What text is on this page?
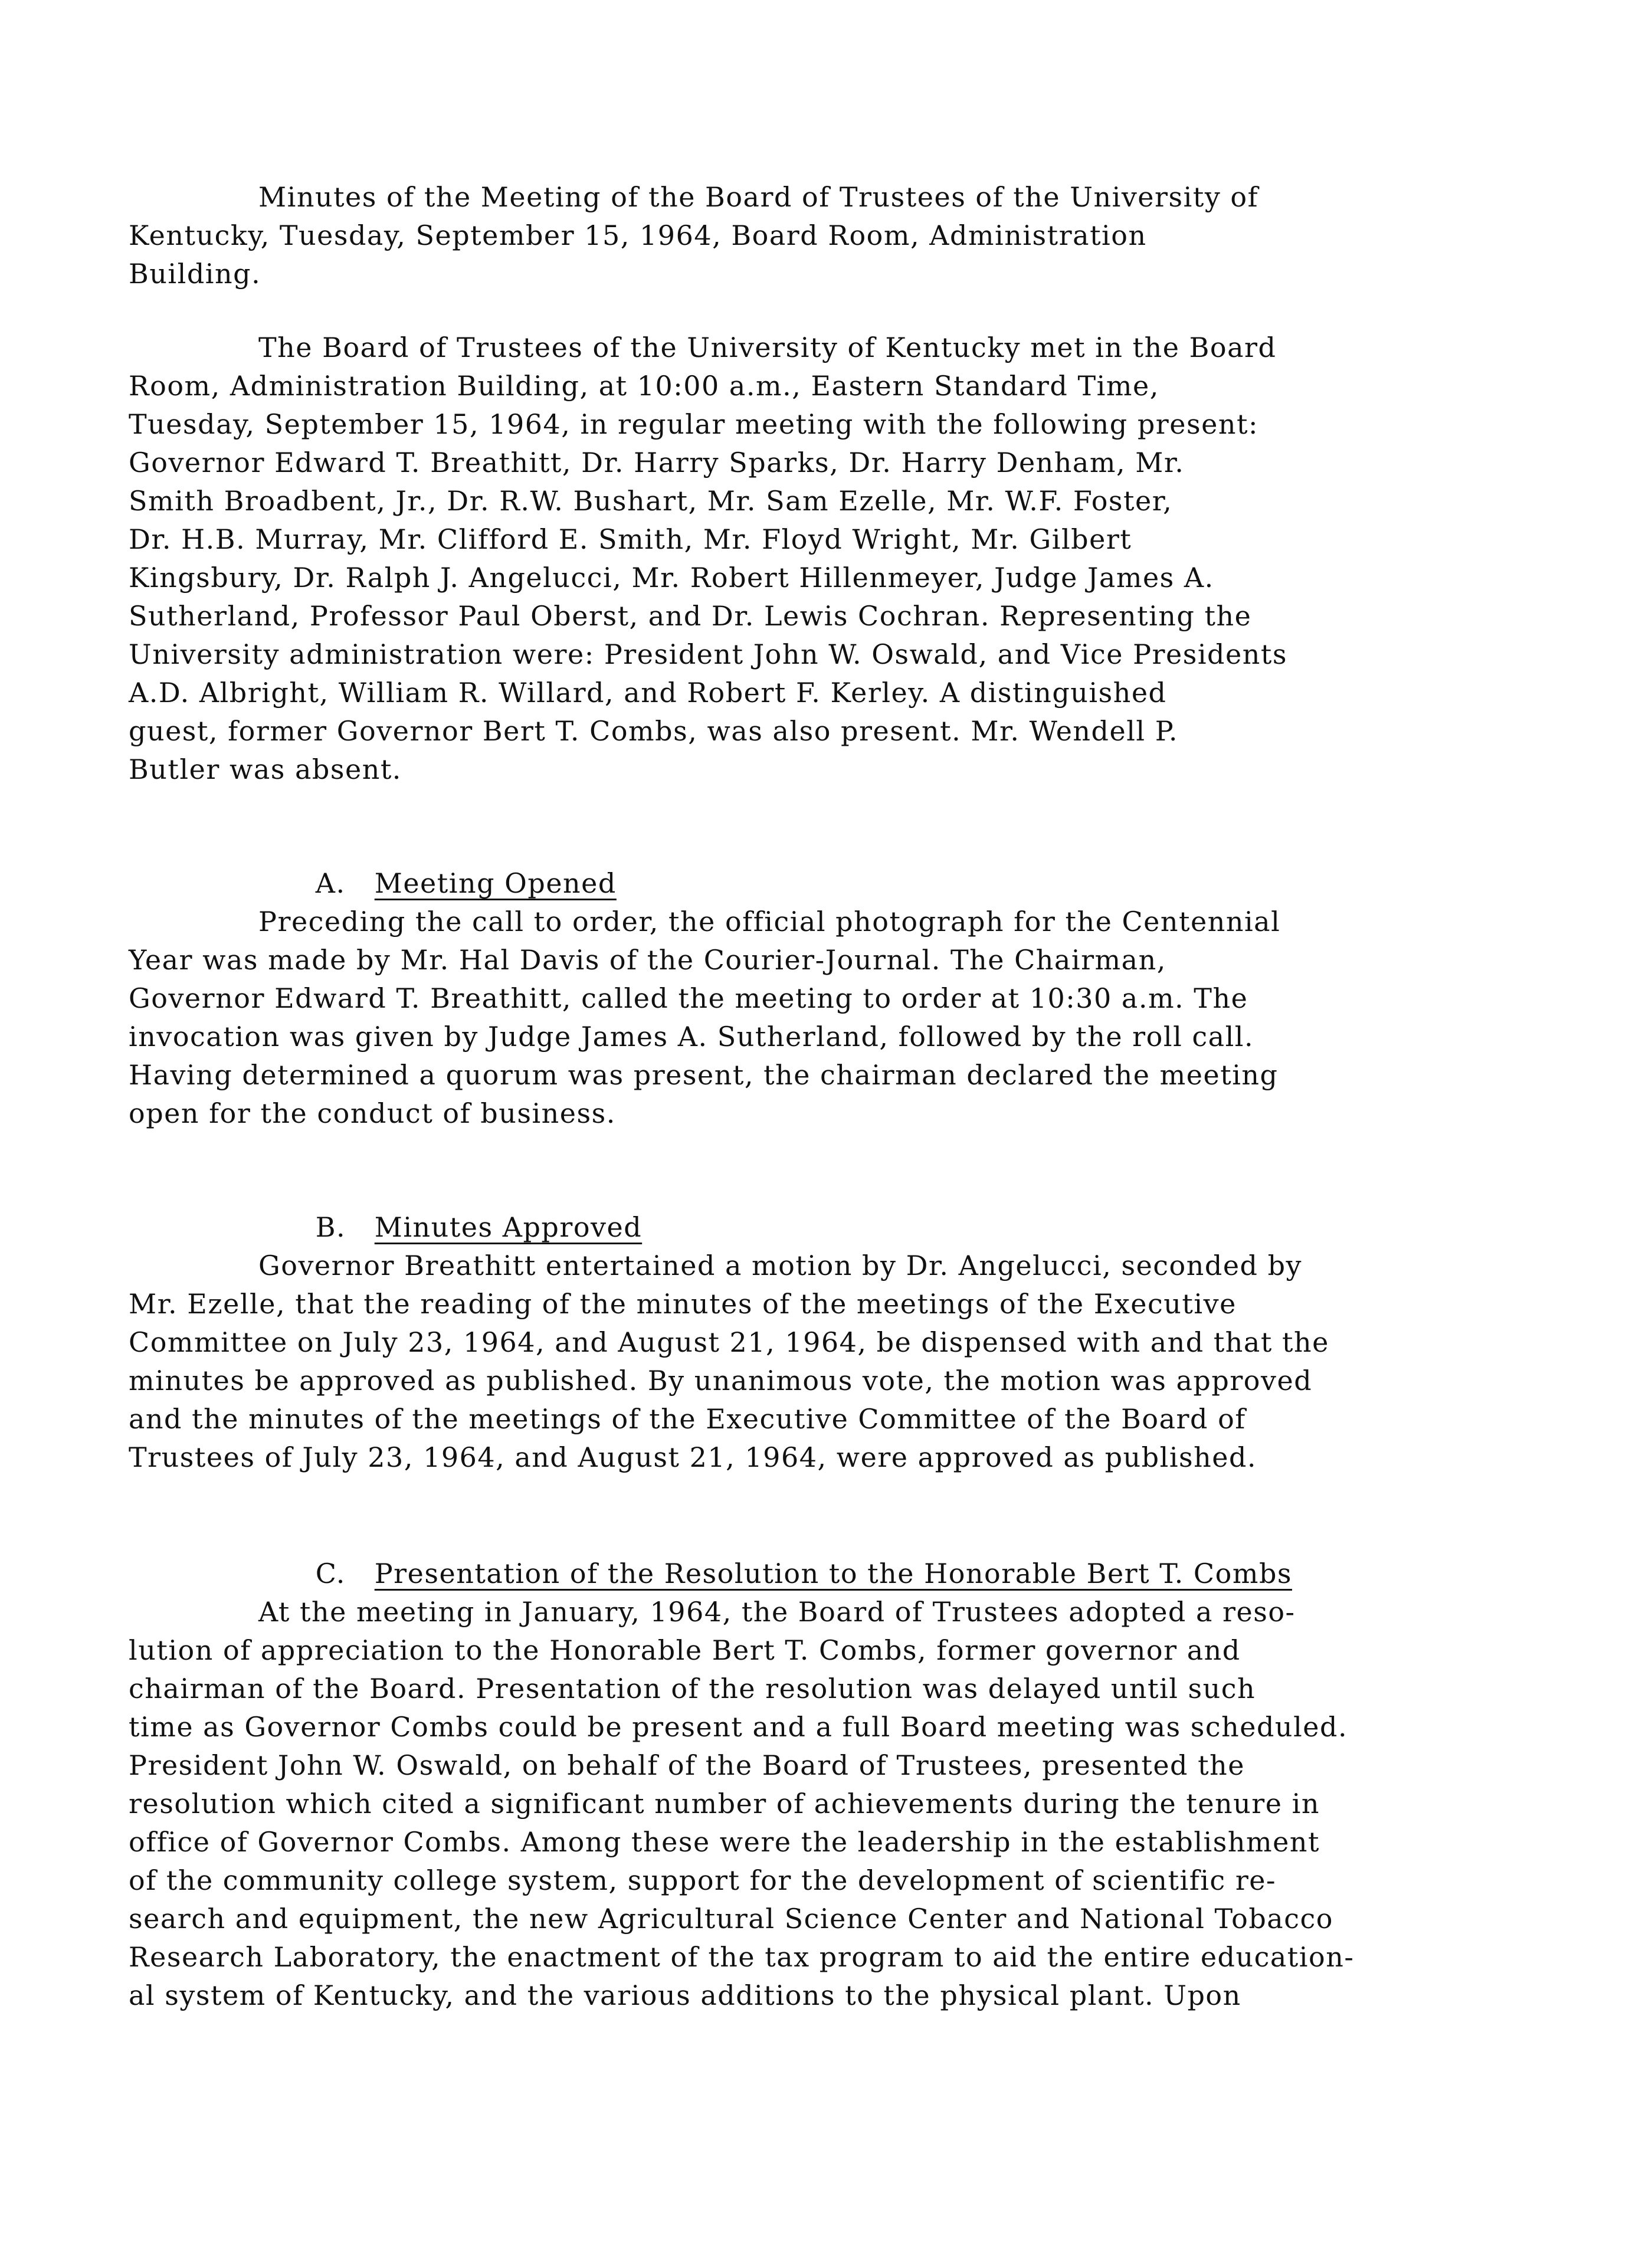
Minutes of the Meeting of the Board of Trustees of the University of
Kentucky, Tuesday, September 15, 1964, Board Room, Administration
Building.
The Board of Trustees of the University of Kentucky met in the Board
Room, Administration Building, at 10:00 a.m., Eastern Standard Time,
Tuesday, September 15, 1964, in regular meeting with the following present:
Governor Edward T. Breathitt, Dr. Harry Sparks, Dr. Harry Denham, Mr.
Smith Broadbent, Jr., Dr. R.W. Bushart, Mr. Sam Ezelle, Mr. W.F. Foster,
Dr. H.B. Murray, Mr. Clifford E. Smith, Mr. Floyd Wright, Mr. Gilbert
Kingsbury, Dr. Ralph J. Angelucci, Mr. Robert Hillenmeyer, Judge James A.
Sutherland, Professor Paul Oberst, and Dr. Lewis Cochran. Representing the
University administration were: President John W. Oswald, and Vice Presidents
A.D. Albright, William R. Willard, and Robert F. Kerley. A distinguished
guest, former Governor Bert T. Combs, was also present. Mr. Wendell P.
Butler was absent.

A. Meeting Opened

Preceding the call to order, the official photograph for the Centennial
Year was made by Mr. Hal Davis of the Courier-Journal. The Chairman,
Governor Edward T. Breathitt, called the meeting to order at 10:30 a.m. The
invocation was given by Judge James A. Sutherland, followed by the roll call.
Having determined a quorum was present, the chairman declared the meeting
open for the conduct of business.

B. Minutes Approved

Governor Breathitt entertained a motion by Dr. Angelucci, seconded by
Mr. Ezelle, that the reading of the minutes of the meetings of the Executive
Committee on July 23, 1964, and August 21, 1964, be dispensed with and that the
minutes be approved as published. By unanimous vote, the motion was approved
and the minutes of the meetings of the Executive Committee of the Board of
Trustees of July 23, 1964, and August 21, 1964, were approved as published.

C. Presentation of the Resolution to the Honorable Bert T. Combs

At the meeting in January, 1964, the Board of Trustees adopted a reso-
lution of appreciation to the Honorable Bert T. Combs, former governor and
chairman of the Board. Presentation of the resolution was delayed until such
time as Governor Combs could be present and a full Board meeting was scheduled.
President John W. Oswald, on behalf of the Board of Trustees, presented the
resolution which cited a significant number of achievements during the tenure in
office of Governor Combs. Among these were the leadership in the establishment
of the community college system, support for the development of scientific re-
search and equipment, the new Agricultural Science Center and National Tobacco
Research Laboratory, the enactment of the tax program to aid the entire education-
al system of Kentucky, and the various additions to the physical plant. Upon
